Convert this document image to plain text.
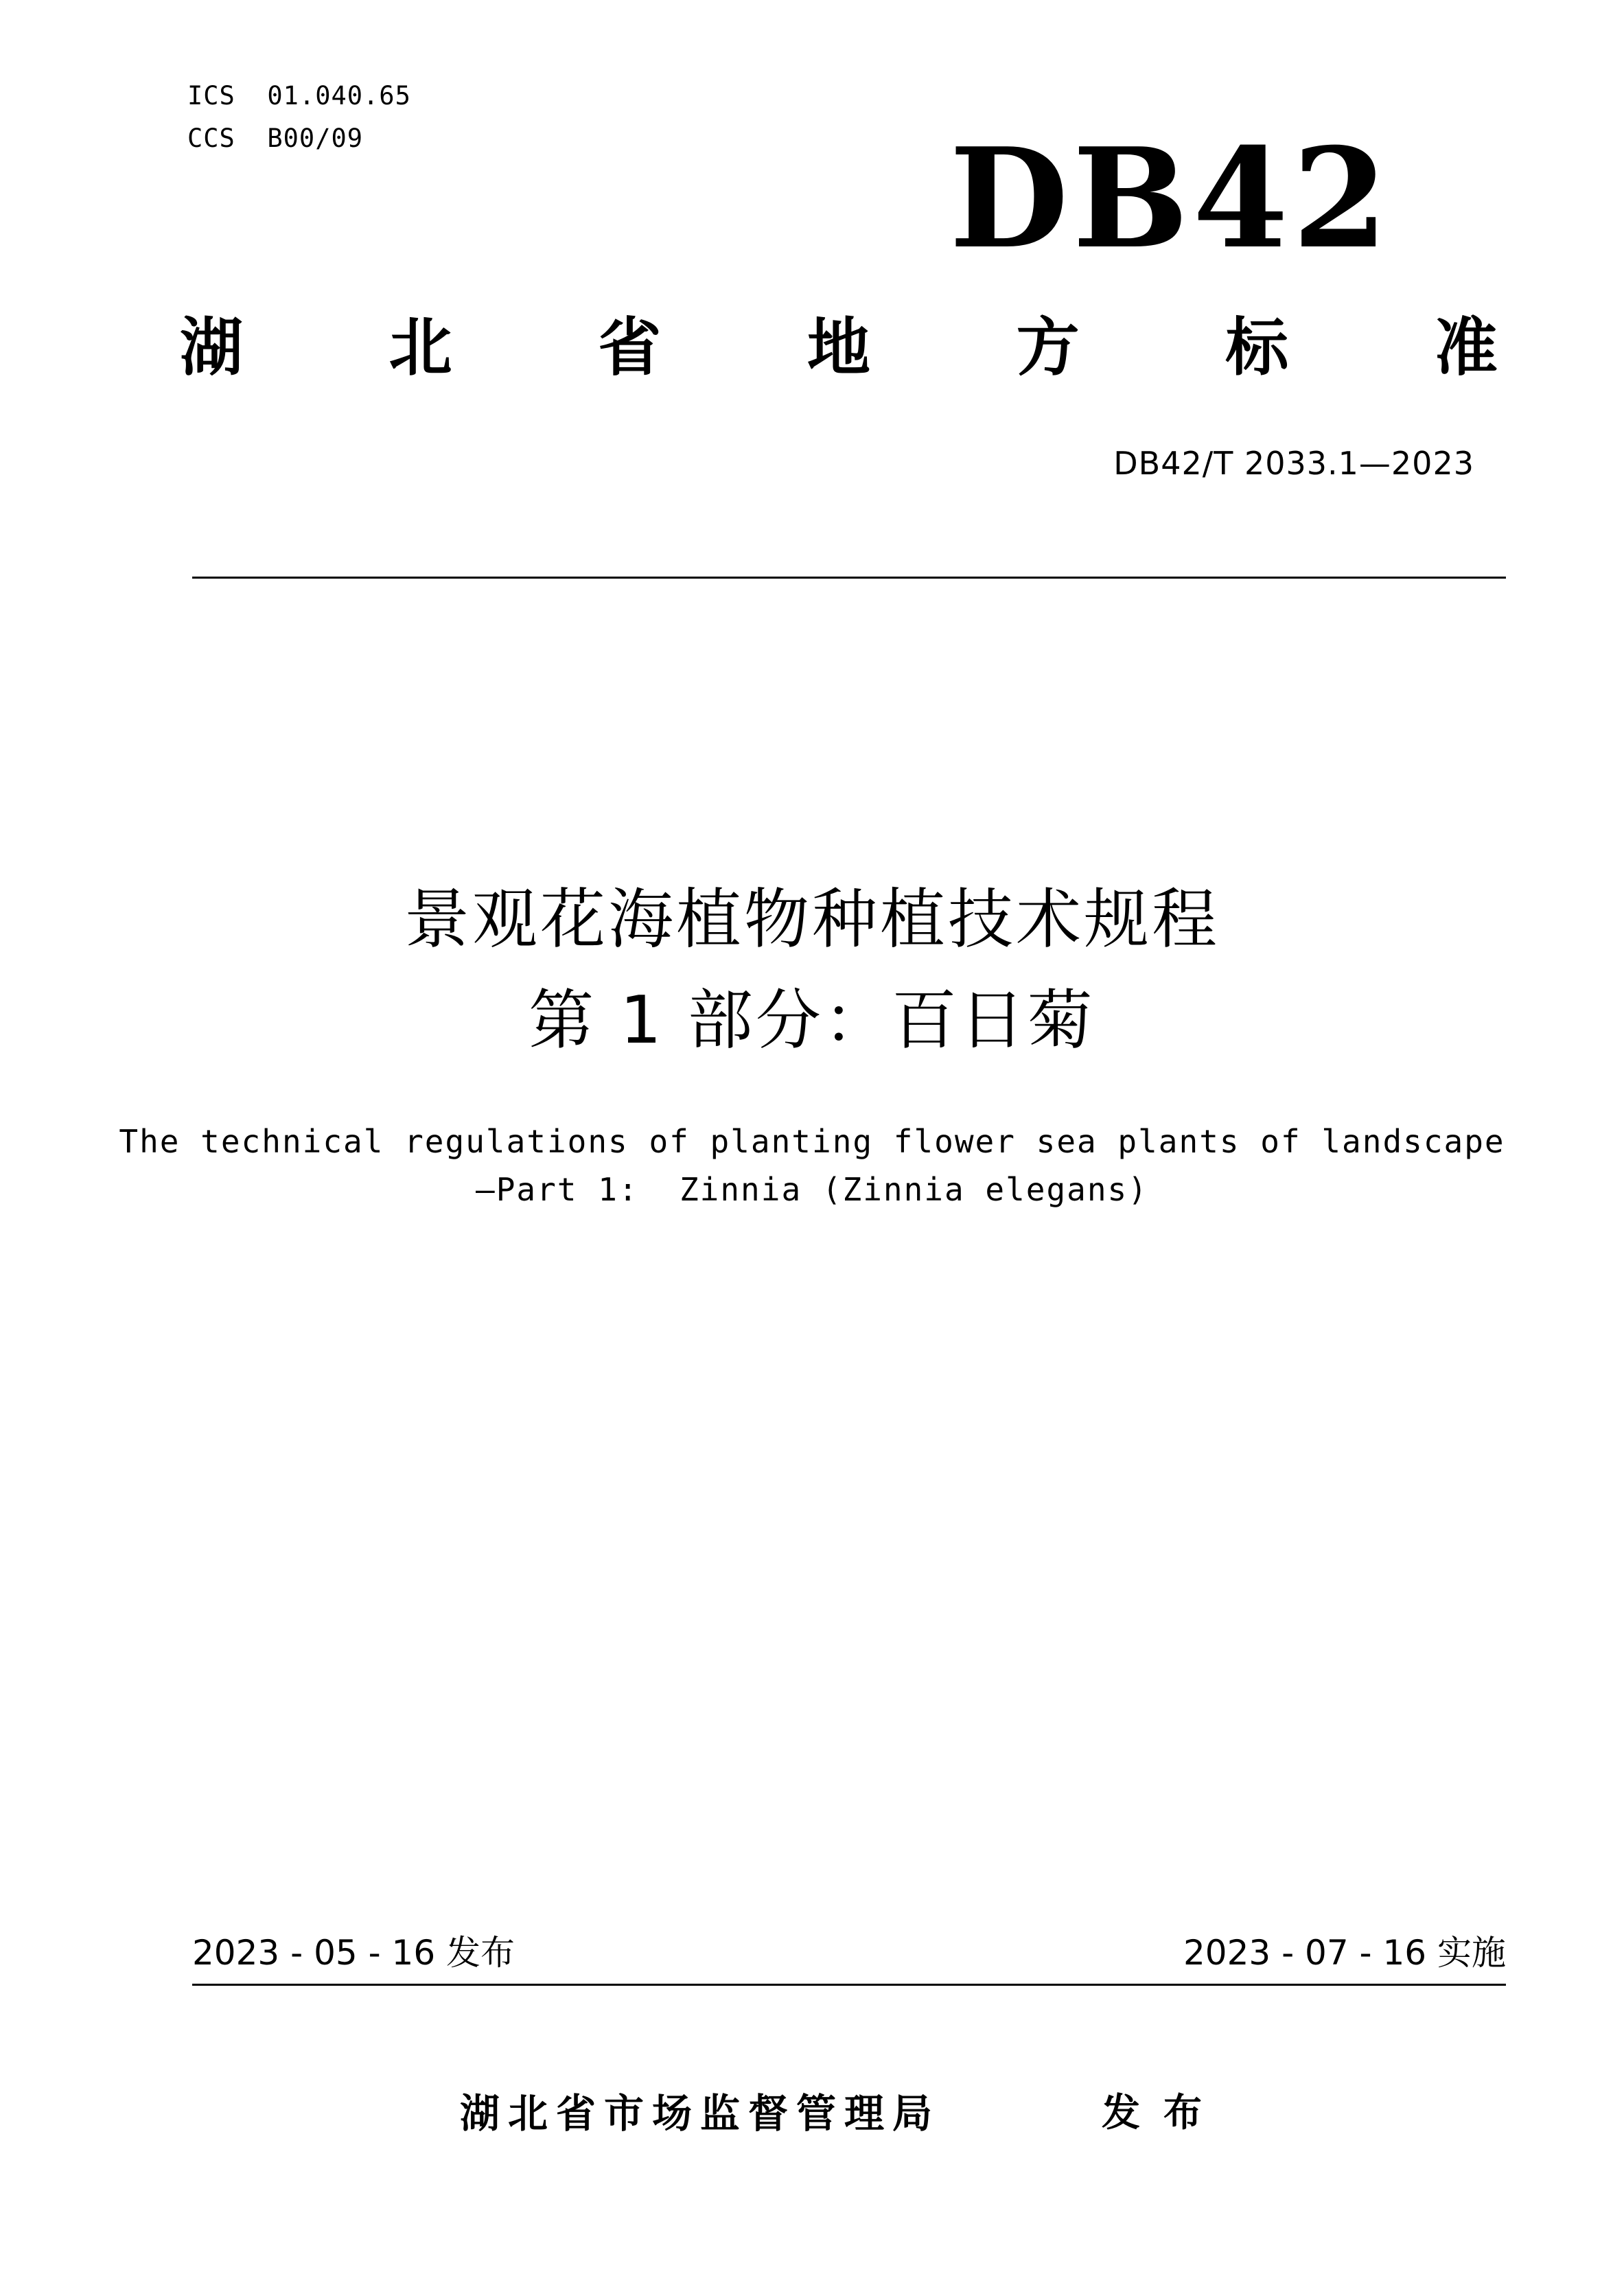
ICS  01.040.65
CCS  B00/09	DB42
湖 北 省 地 方 标 准
DB42/T 2033.1—2023
景观花海植物种植技术规程
第 1 部分：百日菊
The technical regulations of planting flower sea plants of landscape
—Part 1:  Zinnia (Zinnia elegans)
2023 - 05 - 16 发布	2023 - 07 - 16 实施
湖北省市场监督管理局	发布
